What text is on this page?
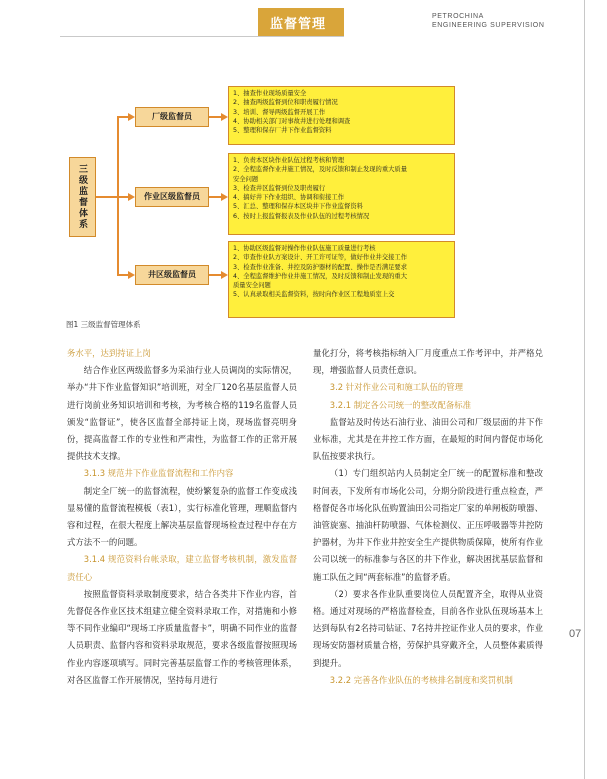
监督管理
PETROCHINA
ENGINEERING SUPERVISION
三级监督体系
厂级监督员
作业区级监督员
井区级监督员
1、抽查作业现场质量安全
2、抽查两级监督到位和职责履行情况
3、培训、督导两级监督开展工作
4、协助相关部门对事故井进行处理和调查
5、整理和保存厂井下作业监督资料
1、负责本区块作业队伍过程考核和管理
2、全程监督作业井施工情况，及时反馈和制止发现的重大质量
安全问题
3、检查井区监督到位及职责履行
4、搞好井下作业组织、协调和衔接工作
5、汇总、整理和保存本区块井下作业监督资料
6、按时上报监督报表及作业队伍的过程考核情况
1、协助区级监督对操作作业队伍施工质量进行考核
2、审查作业队方案设计、开工许可证等，做好作业井交接工作
3、检查作业准备、井控及防护器材的配置、操作是否满足要求
4、全程监督维护作业井施工情况，及时反馈和制止发现的重大
质量安全问题
5、认真录取相关监督资料，按时向作业区工程地质室上交
图1 三级监督管理体系

务水平，达到持证上岗

结合作业区两级监督多为采油行业人员调岗的实际情况，举办“井下作业监督知识”培训班，对全厂120名基层监督人员进行岗前业务知识培训和考核，为考核合格的119名监督人员颁发“监督证”，使各区监督全部持证上岗，现场监督亮明身份，提高监督工作的专业性和严肃性，为监督工作的正常开展提供技术支撑。

3.1.3 规范井下作业监督流程和工作内容

制定全厂统一的监督流程，使纷繁复杂的监督工作变成浅显易懂的监督流程模板（表1），实行标准化管理，理顺监督内容和过程，在很大程度上解决基层监督现场检查过程中存在方式方法不一的问题。

3.1.4 规范资料台帐录取，建立监督考核机制，激发监督责任心

按照监督资料录取制度要求，结合各类井下作业内容，首先督促各作业区技术组建立健全资料录取工作，对措施和小修等不同作业编印“现场工序质量监督卡”，明确不同作业的监督人员职责、监督内容和资料录取规范，要求各级监督按照现场作业内容逐项填写。同时完善基层监督工作的考核管理体系，对各区监督工作开展情况，坚持每月进行

量化打分，将考核指标纳入厂月度重点工作考评中，并严格兑现，增强监督人员责任意识。

3.2 针对作业公司和施工队伍的管理

3.2.1 制定各公司统一的整改配备标准

监督站及时传达石油行业、油田公司和厂级层面的井下作业标准，尤其是在井控工作方面，在最短的时间内督促市场化队伍按要求执行。

（1）专门组织站内人员制定全厂统一的配置标准和整改时间表，下发所有市场化公司，分期分阶段进行重点检查，严格督促各市场化队伍购置油田公司指定厂家的单闸板防喷器、油管旋塞、抽油杆防喷器、气体检测仪、正压呼吸器等井控防护器材，为井下作业井控安全生产提供物质保障，使所有作业公司以统一的标准参与各区的井下作业，解决困扰基层监督和施工队伍之间“两套标准”的监督矛盾。

（2）要求各作业队重要岗位人员配置齐全，取得从业资格。通过对现场的严格监督检查，目前各作业队伍现场基本上达到每队有2名持司钻证、7名持井控证作业人员的要求，作业现场安防器材质量合格，劳保护具穿戴齐全，人员整体素质得到提升。

3.2.2 完善各作业队伍的考核排名制度和奖罚机制

07
